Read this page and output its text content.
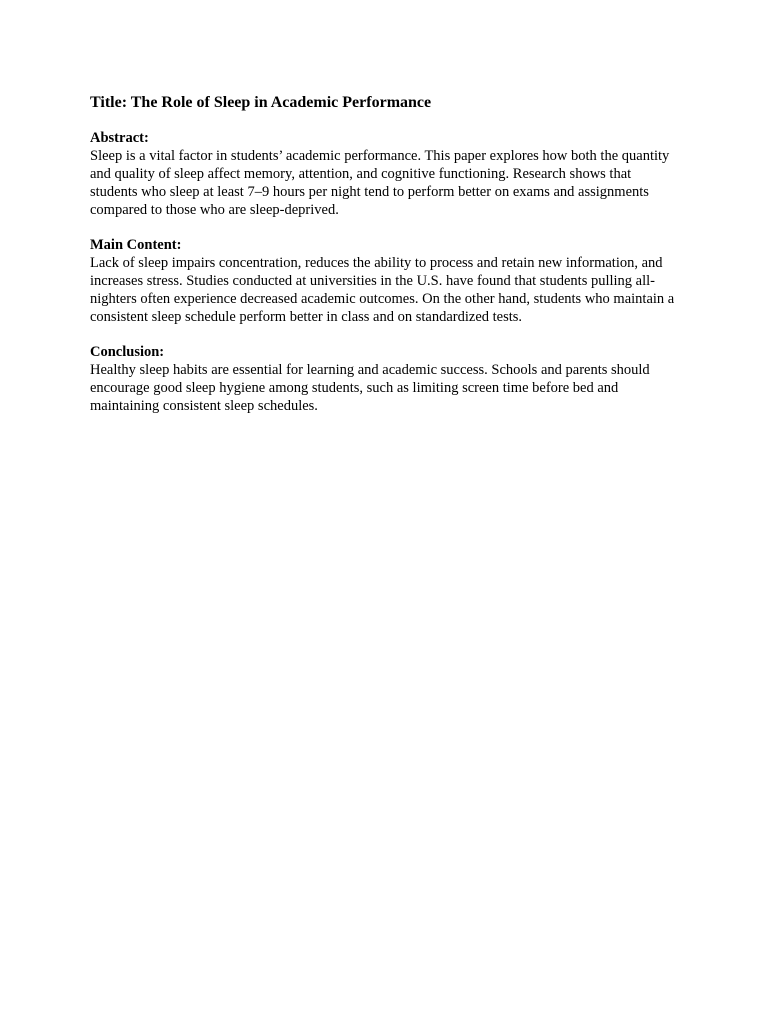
Title: The Role of Sleep in Academic Performance
Abstract:

Sleep is a vital factor in students’ academic performance. This paper explores how both the quantity and quality of sleep affect memory, attention, and cognitive functioning. Research shows that students who sleep at least 7–9 hours per night tend to perform better on exams and assignments compared to those who are sleep-deprived.

Main Content:

Lack of sleep impairs concentration, reduces the ability to process and retain new information, and increases stress. Studies conducted at universities in the U.S. have found that students pulling all-nighters often experience decreased academic outcomes. On the other hand, students who maintain a consistent sleep schedule perform better in class and on standardized tests.

Conclusion:

Healthy sleep habits are essential for learning and academic success. Schools and parents should encourage good sleep hygiene among students, such as limiting screen time before bed and maintaining consistent sleep schedules.
